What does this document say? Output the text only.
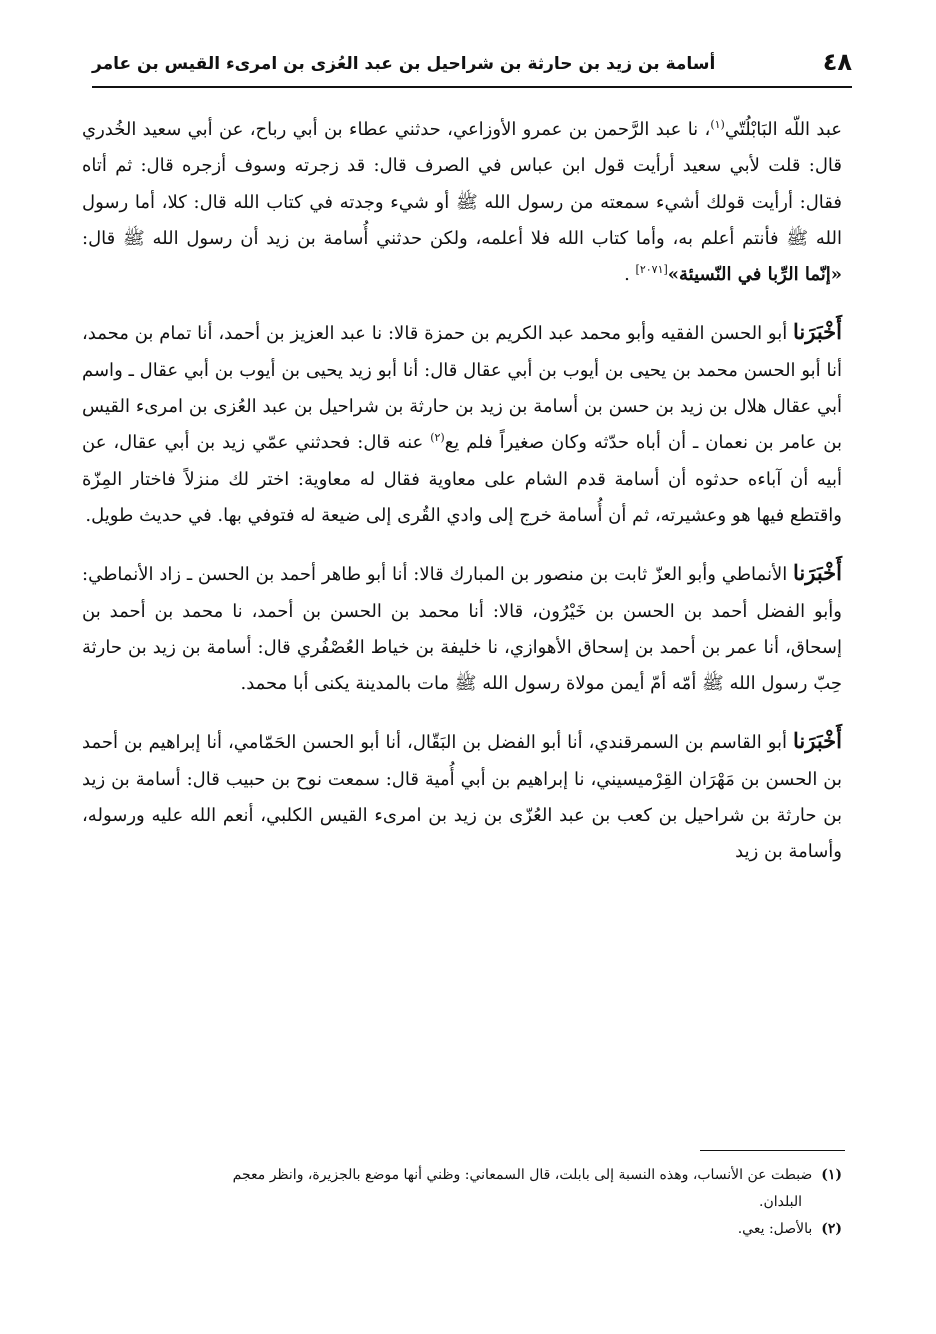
٤٨
أسامة بن زيد بن حارثة بن شراحيل بن عبد العُزى بن امرىء القيس بن عامر

عبد اللّه البَابْلُتّي$^{(١)}$، نا عبد الرَّحمن بن عمرو الأوزاعي، حدثني عطاء بن أبي رباح، عن أبي سعيد الخُدري قال: قلت لأبي سعيد أرأيت قول ابن عباس في الصرف قال: قد زجرته وسوف أزجره قال: ثم أتاه فقال: أرأيت قولك أشيء سمعته من رسول الله ﷺ أو شيء وجدته في كتاب الله قال: كلا، أما رسول الله ﷺ فأنتم أعلم به، وأما كتاب الله فلا أعلمه، ولكن حدثني أُسامة بن زيد أن رسول الله ﷺ قال: «إنّما الرِّبا في النّسيئة»[٢٠٧١] .

أَخْبَرَنا أبو الحسن الفقيه وأبو محمد عبد الكريم بن حمزة قالا: نا عبد العزيز بن أحمد، أنا تمام بن محمد، أنا أبو الحسن محمد بن يحيى بن أيوب بن أبي عقال قال: أنا أبو زيد يحيى بن أيوب بن أبي عقال ـ واسم أبي عقال هلال بن زيد بن حسن بن أسامة بن زيد بن حارثة بن شراحيل بن عبد العُزى بن امرىء القيس بن عامر بن نعمان ـ أن أباه حدّثه وكان صغيراً فلم يع$^{(٢)}$ عنه قال: فحدثني عمّي زيد بن أبي عقال، عن أبيه أن آباءه حدثوه أن أسامة قدم الشام على معاوية فقال له معاوية: اختر لك منزلاً فاختار المِزّة واقتطع فيها هو وعشيرته، ثم أن أُسامة خرج إلى وادي القُرى إلى ضيعة له فتوفي بها. في حديث طويل.

أَخْبَرَنا الأنماطي وأبو العزّ ثابت بن منصور بن المبارك قالا: أنا أبو طاهر أحمد بن الحسن ـ زاد الأنماطي: وأبو الفضل أحمد بن الحسن بن خَيْرُون، قالا: أنا محمد بن الحسن بن أحمد، نا محمد بن أحمد بن إسحاق، أنا عمر بن أحمد بن إسحاق الأهوازي، نا خليفة بن خياط العُصْفُري قال: أسامة بن زيد بن حارثة حِبّ رسول الله ﷺ أمّه أمّ أيمن مولاة رسول الله ﷺ مات بالمدينة يكنى أبا محمد.

أَخْبَرَنا أبو القاسم بن السمرقندي، أنا أبو الفضل بن البَقّال، أنا أبو الحسن الحَمّامي، أنا إبراهيم بن أحمد بن الحسن بن مَهْرَان القِرْميسيني، نا إبراهيم بن أبي أُمية قال: سمعت نوح بن حبيب قال: أسامة بن زيد بن حارثة بن شراحيل بن كعب بن عبد العُزّى بن زيد بن امرىء القيس الكلبي، أنعم الله عليه ورسوله، وأسامة بن زيد

(١)  ضبطت عن الأنساب، وهذه النسبة إلى بابلت، قال السمعاني: وظني أنها موضع بالجزيرة، وانظر معجم
البلدان.
(٢)  بالأصل: يعي.
